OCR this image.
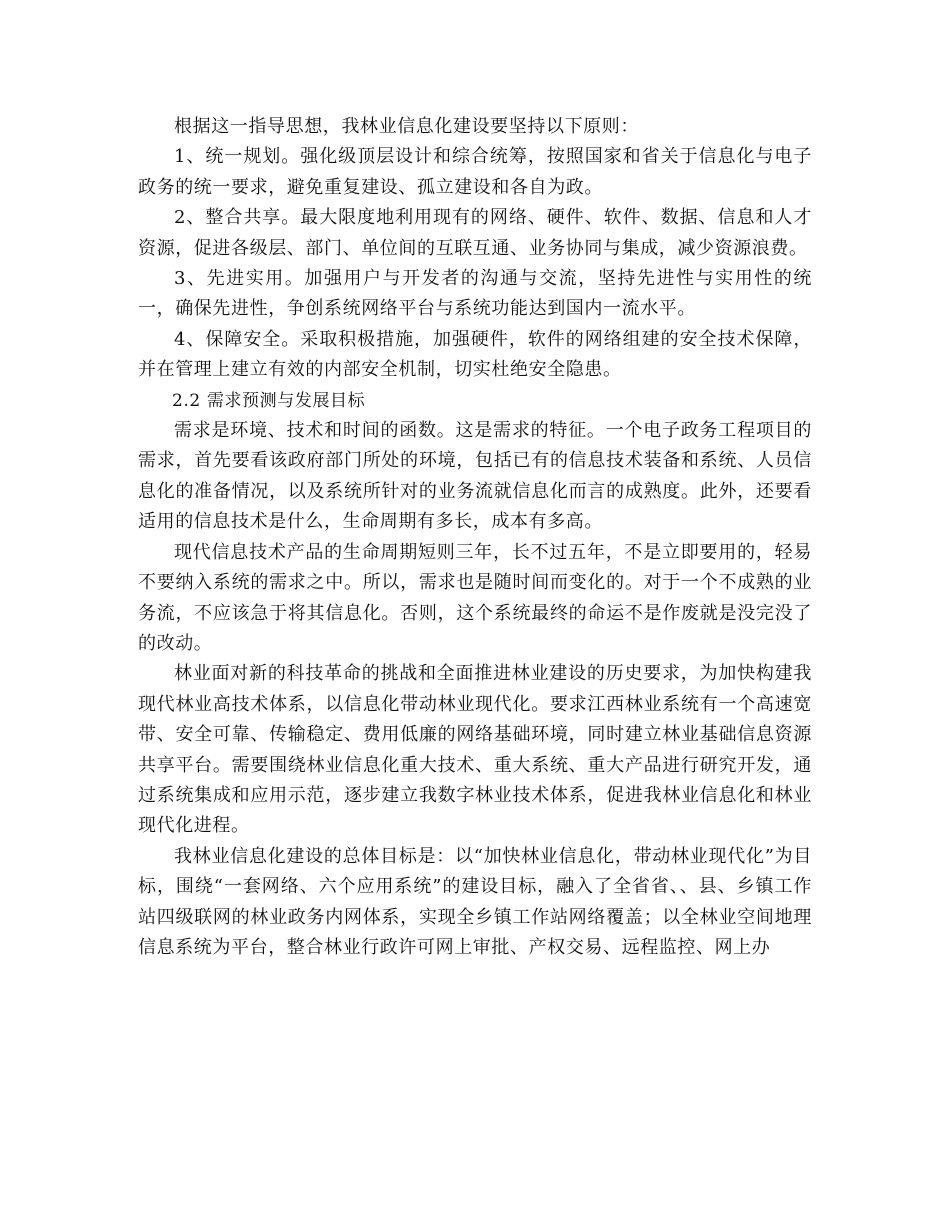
根据这一指导思想，我林业信息化建设要坚持以下原则：

1、统一规划。强化级顶层设计和综合统筹，按照国家和省关于信息化与电子政务的统一要求，避免重复建设、孤立建设和各自为政。

2、整合共享。最大限度地利用现有的网络、硬件、软件、数据、信息和人才资源，促进各级层、部门、单位间的互联互通、业务协同与集成，减少资源浪费。

3、先进实用。加强用户与开发者的沟通与交流，坚持先进性与实用性的统一，确保先进性，争创系统网络平台与系统功能达到国内一流水平。

4、保障安全。采取积极措施，加强硬件，软件的网络组建的安全技术保障，并在管理上建立有效的内部安全机制，切实杜绝安全隐患。

2.2 需求预测与发展目标

需求是环境、技术和时间的函数。这是需求的特征。一个电子政务工程项目的需求，首先要看该政府部门所处的环境，包括已有的信息技术装备和系统、人员信息化的准备情况，以及系统所针对的业务流就信息化而言的成熟度。此外，还要看适用的信息技术是什么，生命周期有多长，成本有多高。

现代信息技术产品的生命周期短则三年，长不过五年，不是立即要用的，轻易不要纳入系统的需求之中。所以，需求也是随时间而变化的。对于一个不成熟的业务流，不应该急于将其信息化。否则，这个系统最终的命运不是作废就是没完没了的改动。

林业面对新的科技革命的挑战和全面推进林业建设的历史要求，为加快构建我现代林业高技术体系，以信息化带动林业现代化。要求江西林业系统有一个高速宽带、安全可靠、传输稳定、费用低廉的网络基础环境，同时建立林业基础信息资源共享平台。需要围绕林业信息化重大技术、重大系统、重大产品进行研究开发，通过系统集成和应用示范，逐步建立我数字林业技术体系，促进我林业信息化和林业现代化进程。

我林业信息化建设的总体目标是：以“加快林业信息化，带动林业现代化”为目标，围绕“一套网络、六个应用系统”的建设目标，融入了全省省、、县、乡镇工作站四级联网的林业政务内网体系，实现全乡镇工作站网络覆盖；以全林业空间地理信息系统为平台，整合林业行政许可网上审批、产权交易、远程监控、网上办
